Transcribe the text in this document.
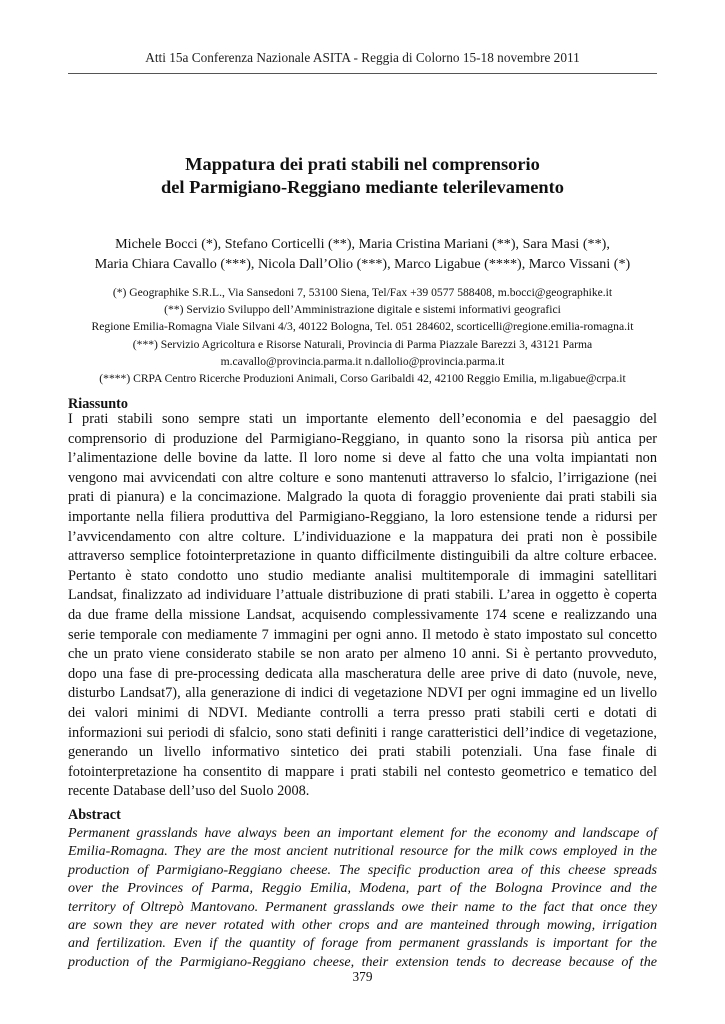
Atti 15a Conferenza Nazionale ASITA - Reggia di Colorno 15-18 novembre 2011
Mappatura dei prati stabili nel comprensorio
del Parmigiano-Reggiano mediante telerilevamento
Michele Bocci (*), Stefano Corticelli (**), Maria Cristina Mariani (**), Sara Masi (**),
Maria Chiara Cavallo (***), Nicola Dall’Olio (***), Marco Ligabue (****), Marco Vissani (*)
(*) Geographike S.R.L., Via Sansedoni 7, 53100 Siena, Tel/Fax +39 0577 588408, m.bocci@geographike.it
(**) Servizio Sviluppo dell’Amministrazione digitale e sistemi informativi geografici
Regione Emilia-Romagna Viale Silvani 4/3, 40122 Bologna, Tel. 051 284602, scorticelli@regione.emilia-romagna.it
(***) Servizio Agricoltura e Risorse Naturali, Provincia di Parma Piazzale Barezzi 3, 43121 Parma
m.cavallo@provincia.parma.it n.dallolio@provincia.parma.it
(****) CRPA Centro Ricerche Produzioni Animali, Corso Garibaldi 42, 42100 Reggio Emilia, m.ligabue@crpa.it
Riassunto
I prati stabili sono sempre stati un importante elemento dell’economia e del paesaggio del
comprensorio di produzione del Parmigiano-Reggiano, in quanto sono la risorsa più antica per
l’alimentazione delle bovine da latte. Il loro nome si deve al fatto che una volta impiantati non
vengono mai avvicendati con altre colture e sono mantenuti attraverso lo sfalcio, l’irrigazione (nei
prati di pianura) e la concimazione. Malgrado la quota di foraggio proveniente dai prati stabili sia
importante nella filiera produttiva del Parmigiano-Reggiano, la loro estensione tende a ridursi per
l’avvicendamento con altre colture. L’individuazione e la mappatura dei prati non è possibile
attraverso semplice fotointerpretazione in quanto difficilmente distinguibili da altre colture erbacee.
Pertanto è stato condotto uno studio mediante analisi multitemporale di immagini satellitari
Landsat, finalizzato ad individuare l’attuale distribuzione di prati stabili. L’area in oggetto è coperta
da due frame della missione Landsat, acquisendo complessivamente 174 scene e realizzando una
serie temporale con mediamente 7 immagini per ogni anno. Il metodo è stato impostato sul concetto
che un prato viene considerato stabile se non arato per almeno 10 anni. Si è pertanto provveduto,
dopo una fase di pre-processing dedicata alla mascheratura delle aree prive di dato (nuvole, neve,
disturbo Landsat7), alla generazione di indici di vegetazione NDVI per ogni immagine ed un livello
dei valori minimi di NDVI. Mediante controlli a terra presso prati stabili certi e dotati di
informazioni sui periodi di sfalcio, sono stati definiti i range caratteristici dell’indice di vegetazione,
generando un livello informativo sintetico dei prati stabili potenziali. Una fase finale di
fotointerpretazione ha consentito di mappare i prati stabili nel contesto geometrico e tematico del
recente Database dell’uso del Suolo 2008.
Abstract
Permanent grasslands have always been an important element for the economy and landscape of
Emilia-Romagna. They are the most ancient nutritional resource for the milk cows employed in the
production of Parmigiano-Reggiano cheese. The specific production area of this cheese spreads
over the Provinces of Parma, Reggio Emilia, Modena, part of the Bologna Province and the
territory of Oltrepò Mantovano. Permanent grasslands owe their name to the fact that once they
are sown they are never rotated with other crops and are manteined through mowing, irrigation
and fertilization. Even if the quantity of forage from permanent grasslands is important for the
production of the Parmigiano-Reggiano cheese, their extension tends to decrease because of the
379
